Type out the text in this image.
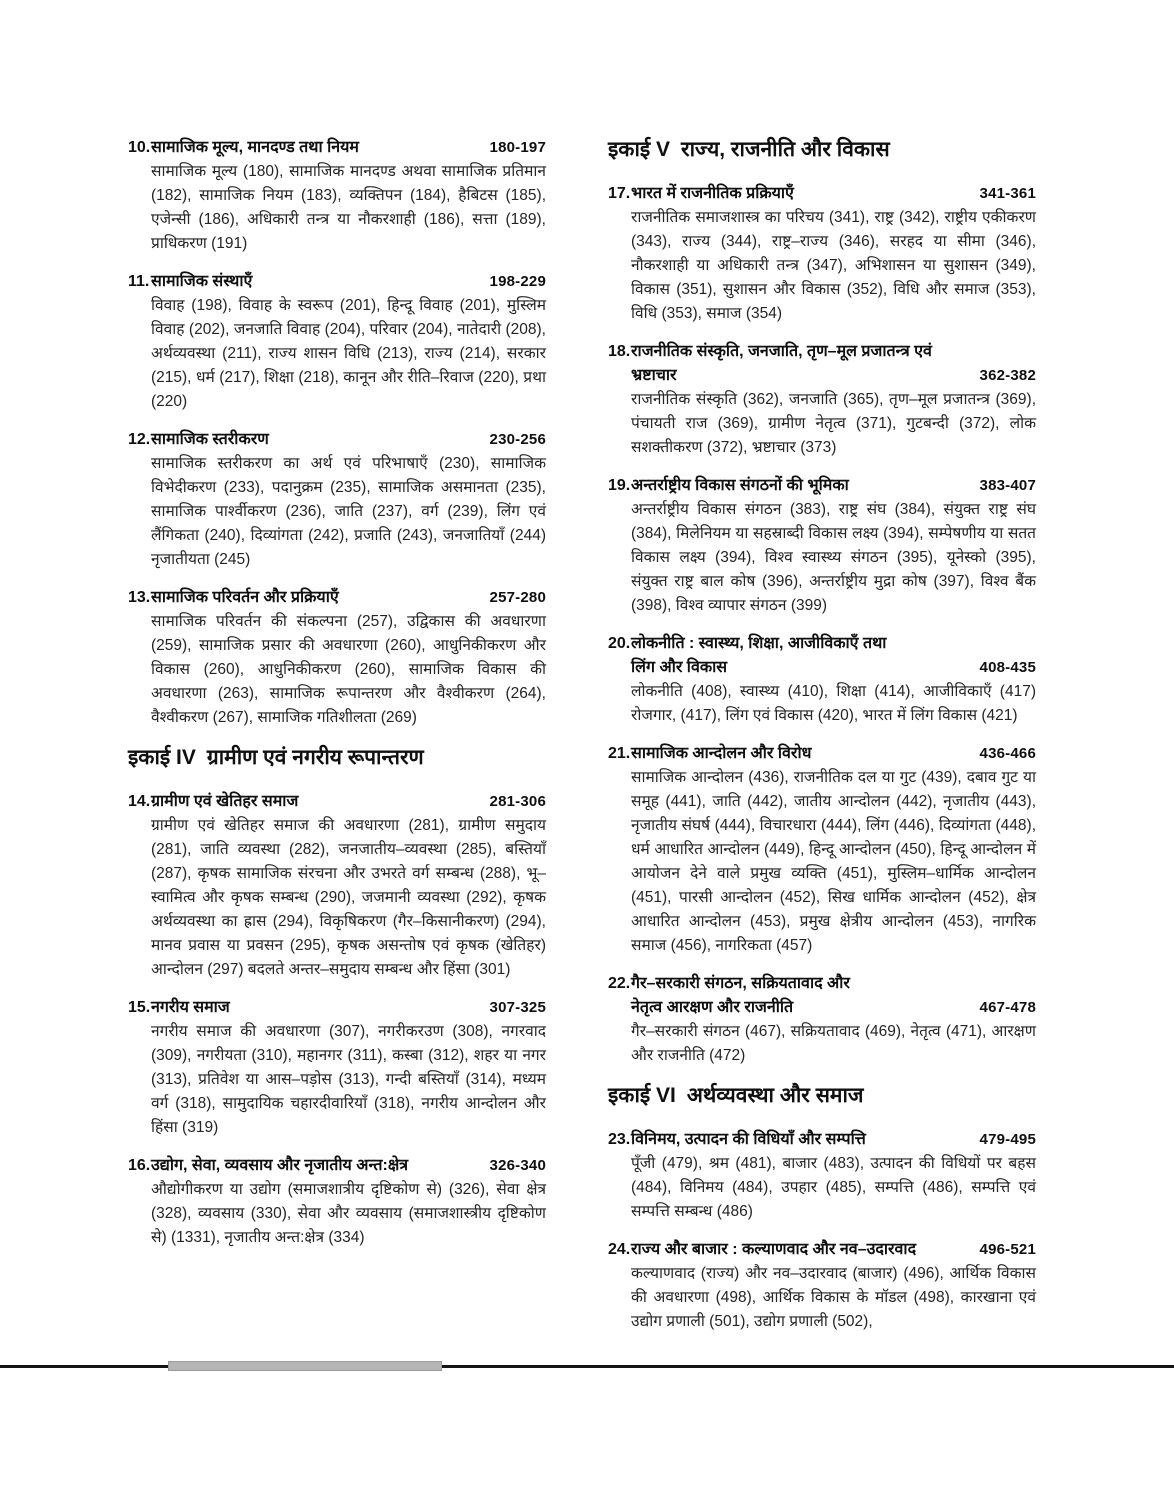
10. सामाजिक मूल्य, मानदण्ड तथा नियम	180-197
सामाजिक मूल्य (180), सामाजिक मानदण्ड अथवा सामाजिक प्रतिमान (182), सामाजिक नियम (183), व्यक्तिपन (184), हैबिटस (185), एजेन्सी (186), अधिकारी तन्त्र या नौकरशाही (186), सत्ता (189), प्राधिकरण (191)
11. सामाजिक संस्थाएँ	198-229
विवाह (198), विवाह के स्वरूप (201), हिन्दू विवाह (201), मुस्लिम विवाह (202), जनजाति विवाह (204), परिवार (204), नातेदारी (208), अर्थव्यवस्था (211), राज्य शासन विधि (213), राज्य (214), सरकार (215), धर्म (217), शिक्षा (218), कानून और रीति–रिवाज (220), प्रथा (220)
12. सामाजिक स्तरीकरण	230-256
सामाजिक स्तरीकरण का अर्थ एवं परिभाषाएँ (230), सामाजिक विभेदीकरण (233), पदानुक्रम (235), सामाजिक असमानता (235), सामाजिक पार्श्वीकरण (236), जाति (237), वर्ग (239), लिंग एवं लैंगिकता (240), दिव्यांगता (242), प्रजाति (243), जनजातियाँ (244) नृजातीयता (245)
13. सामाजिक परिवर्तन और प्रक्रियाएँ	257-280
सामाजिक परिवर्तन की संकल्पना (257), उद्विकास की अवधारणा (259), सामाजिक प्रसार की अवधारणा (260), आधुनिकीकरण और विकास (260), आधुनिकीकरण (260), सामाजिक विकास की अवधारणा (263), सामाजिक रूपान्तरण और वैश्वीकरण (264), वैश्वीकरण (267), सामाजिक गतिशीलता (269)
इकाई IV ग्रामीण एवं नगरीय रूपान्तरण
14. ग्रामीण एवं खेतिहर समाज	281-306
ग्रामीण एवं खेतिहर समाज की अवधारणा (281), ग्रामीण समुदाय (281), जाति व्यवस्था (282), जनजातीय–व्यवस्था (285), बस्तियाँ (287), कृषक सामाजिक संरचना और उभरते वर्ग सम्बन्ध (288), भू–स्वामित्व और कृषक सम्बन्ध (290), जजमानी व्यवस्था (292), कृषक अर्थव्यवस्था का ह्रास (294), विकृषिकरण (गैर–किसानीकरण) (294), मानव प्रवास या प्रवसन (295), कृषक असन्तोष एवं कृषक (खेतिहर) आन्दोलन (297) बदलते अन्तर–समुदाय सम्बन्ध और हिंसा (301)
15. नगरीय समाज	307-325
नगरीय समाज की अवधारणा (307), नगरीकरउण (308), नगरवाद (309), नगरीयता (310), महानगर (311), कस्बा (312), शहर या नगर (313), प्रतिवेश या आस–पड़ोस (313), गन्दी बस्तियाँ (314), मध्यम वर्ग (318), सामुदायिक चहारदीवारियाँ (318), नगरीय आन्दोलन और हिंसा (319)
16. उद्योग, सेवा, व्यवसाय और नृजातीय अन्त:क्षेत्र	326-340
औद्योगीकरण या उद्योग (समाजशात्रीय दृष्टिकोण से) (326), सेवा क्षेत्र (328), व्यवसाय (330), सेवा और व्यवसाय (समाजशास्त्रीय दृष्टिकोण से) (1331), नृजातीय अन्त:क्षेत्र (334)
इकाई V राज्य, राजनीति और विकास
17. भारत में राजनीतिक प्रक्रियाएँ	341-361
राजनीतिक समाजशास्त्र का परिचय (341), राष्ट्र (342), राष्ट्रीय एकीकरण (343), राज्य (344), राष्ट्र–राज्य (346), सरहद या सीमा (346), नौकरशाही या अधिकारी तन्त्र (347), अभिशासन या सुशासन (349), विकास (351), सुशासन और विकास (352), विधि और समाज (353), विधि (353), समाज (354)
18. राजनीतिक संस्कृति, जनजाति, तृण–मूल प्रजातन्त्र एवं
भ्रष्टाचार	362-382
राजनीतिक संस्कृति (362), जनजाति (365), तृण–मूल प्रजातन्त्र (369), पंचायती राज (369), ग्रामीण नेतृत्व (371), गुटबन्दी (372), लोक सशक्तीकरण (372), भ्रष्टाचार (373)
19. अन्तर्राष्ट्रीय विकास संगठनों की भूमिका	383-407
अन्तर्राष्ट्रीय विकास संगठन (383), राष्ट्र संघ (384), संयुक्त राष्ट्र संघ (384), मिलेनियम या सहस्राब्दी विकास लक्ष्य (394), सम्पेषणीय या सतत विकास लक्ष्य (394), विश्व स्वास्थ्य संगठन (395), यूनेस्को (395), संयुक्त राष्ट्र बाल कोष (396), अन्तर्राष्ट्रीय मुद्रा कोष (397), विश्व बैंक (398), विश्व व्यापार संगठन (399)
20. लोकनीति : स्वास्थ्य, शिक्षा, आजीविकाएँ तथा
लिंग और विकास	408-435
लोकनीति (408), स्वास्थ्य (410), शिक्षा (414), आजीविकाएँ (417) रोजगार, (417), लिंग एवं विकास (420), भारत में लिंग विकास (421)
21. सामाजिक आन्दोलन और विरोध	436-466
सामाजिक आन्दोलन (436), राजनीतिक दल या गुट (439), दबाव गुट या समूह (441), जाति (442), जातीय आन्दोलन (442), नृजातीय (443), नृजातीय संघर्ष (444), विचारधारा (444), लिंग (446), दिव्यांगता (448), धर्म आधारित आन्दोलन (449), हिन्दू आन्दोलन (450), हिन्दू आन्दोलन में आयोजन देने वाले प्रमुख व्यक्ति (451), मुस्लिम–धार्मिक आन्दोलन (451), पारसी आन्दोलन (452), सिख धार्मिक आन्दोलन (452), क्षेत्र आधारित आन्दोलन (453), प्रमुख क्षेत्रीय आन्दोलन (453), नागरिक समाज (456), नागरिकता (457)
22. गैर–सरकारी संगठन, सक्रियतावाद और
नेतृत्व आरक्षण और राजनीति	467-478
गैर–सरकारी संगठन (467), सक्रियतावाद (469), नेतृत्व (471), आरक्षण और राजनीति (472)
इकाई VI अर्थव्यवस्था और समाज
23. विनिमय, उत्पादन की विधियाँ और सम्पत्ति	479-495
पूँजी (479), श्रम (481), बाजार (483), उत्पादन की विधियों पर बहस (484), विनिमय (484), उपहार (485), सम्पत्ति (486), सम्पत्ति एवं सम्पत्ति सम्बन्ध (486)
24. राज्य और बाजार : कल्याणवाद और नव–उदारवाद	496-521
कल्याणवाद (राज्य) और नव–उदारवाद (बाजार) (496), आर्थिक विकास की अवधारणा (498), आर्थिक विकास के मॉडल (498), कारखाना एवं उद्योग प्रणाली (501), उद्योग प्रणाली (502),
